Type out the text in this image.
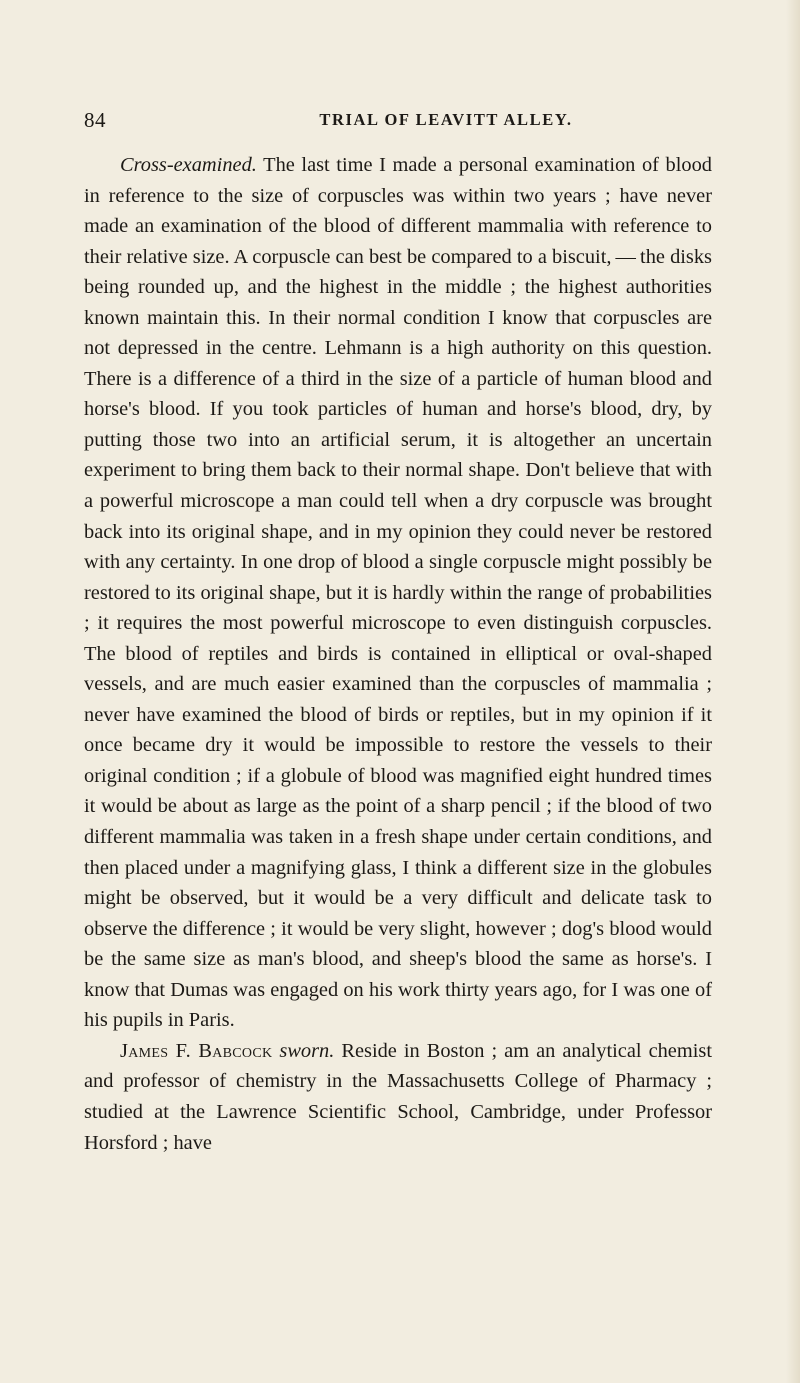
84	TRIAL OF LEAVITT ALLEY.

Cross-examined. The last time I made a personal examination of blood in reference to the size of corpuscles was within two years ; have never made an examination of the blood of different mammalia with reference to their relative size. A corpuscle can best be compared to a biscuit, — the disks being rounded up, and the highest in the middle ; the highest authorities known maintain this. In their normal condition I know that corpuscles are not depressed in the centre. Lehmann is a high authority on this question. There is a difference of a third in the size of a particle of human blood and horse's blood. If you took particles of human and horse's blood, dry, by putting those two into an artificial serum, it is altogether an uncertain experiment to bring them back to their normal shape. Don't believe that with a powerful microscope a man could tell when a dry corpuscle was brought back into its original shape, and in my opinion they could never be restored with any certainty. In one drop of blood a single corpuscle might possibly be restored to its original shape, but it is hardly within the range of probabilities ; it requires the most powerful microscope to even distinguish corpuscles. The blood of reptiles and birds is contained in elliptical or oval-shaped vessels, and are much easier examined than the corpuscles of mammalia ; never have examined the blood of birds or reptiles, but in my opinion if it once became dry it would be impossible to restore the vessels to their original condition ; if a globule of blood was magnified eight hundred times it would be about as large as the point of a sharp pencil ; if the blood of two different mammalia was taken in a fresh shape under certain conditions, and then placed under a magnifying glass, I think a different size in the globules might be observed, but it would be a very difficult and delicate task to observe the difference ; it would be very slight, however ; dog's blood would be the same size as man's blood, and sheep's blood the same as horse's. I know that Dumas was engaged on his work thirty years ago, for I was one of his pupils in Paris.

James F. Babcock sworn. Reside in Boston ; am an analytical chemist and professor of chemistry in the Massachusetts College of Pharmacy ; studied at the Lawrence Scientific School, Cambridge, under Professor Horsford ; have
